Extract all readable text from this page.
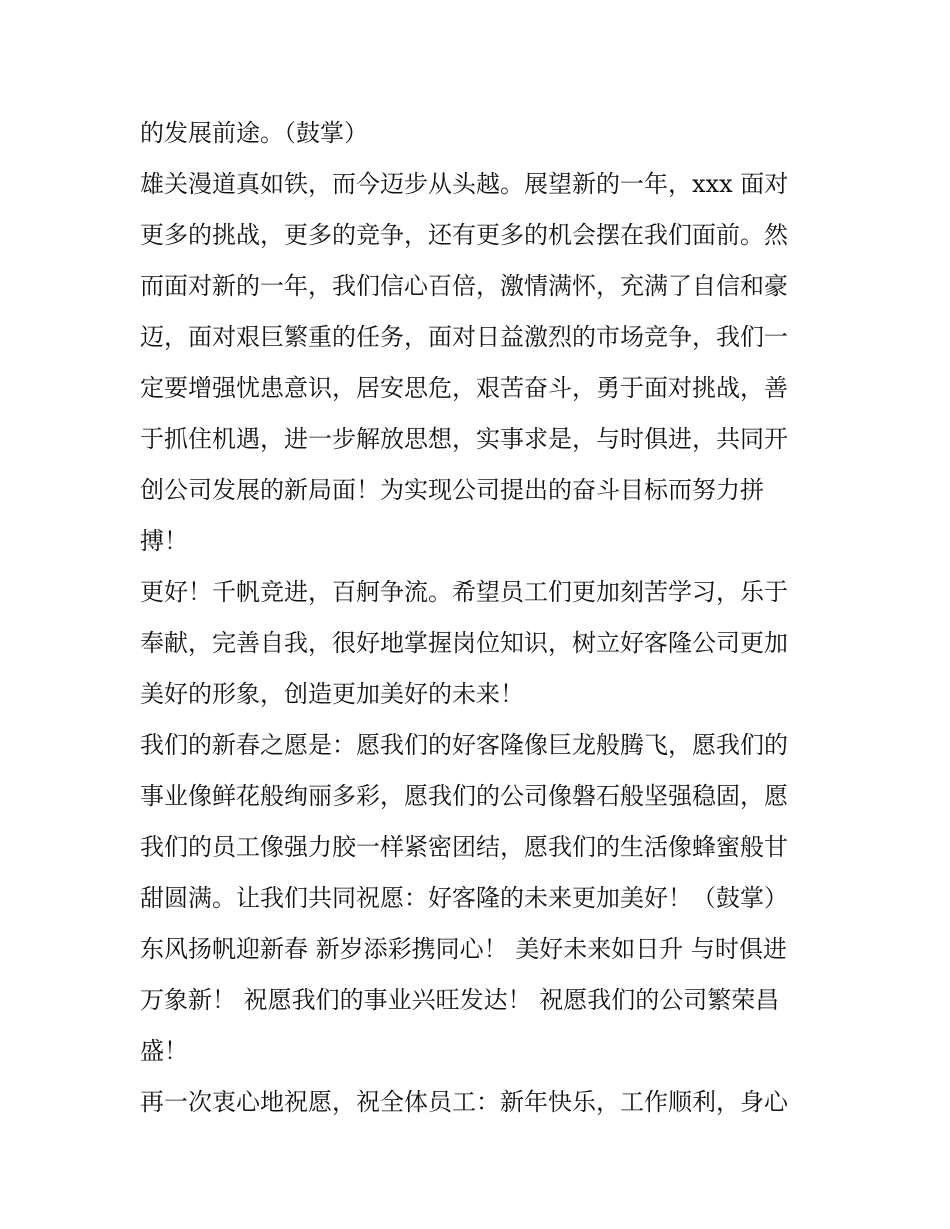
的发展前途。（鼓掌）
雄关漫道真如铁，而今迈步从头越。展望新的一年，xxx 面对
更多的挑战，更多的竞争，还有更多的机会摆在我们面前。然
而面对新的一年，我们信心百倍，激情满怀，充满了自信和豪
迈，面对艰巨繁重的任务，面对日益激烈的市场竞争，我们一
定要增强忧患意识，居安思危，艰苦奋斗，勇于面对挑战，善
于抓住机遇，进一步解放思想，实事求是，与时俱进，共同开
创公司发展的新局面！为实现公司提出的奋斗目标而努力拼
搏！
更好！千帆竞进，百舸争流。希望员工们更加刻苦学习，乐于
奉献，完善自我，很好地掌握岗位知识，树立好客隆公司更加
美好的形象，创造更加美好的未来！
我们的新春之愿是：愿我们的好客隆像巨龙般腾飞，愿我们的
事业像鲜花般绚丽多彩，愿我们的公司像磐石般坚强稳固，愿
我们的员工像强力胶一样紧密团结，愿我们的生活像蜂蜜般甘
甜圆满。让我们共同祝愿：好客隆的未来更加美好！（鼓掌）
东风扬帆迎新春 新岁添彩携同心！ 美好未来如日升 与时俱进
万象新！ 祝愿我们的事业兴旺发达！ 祝愿我们的公司繁荣昌
盛！
再一次衷心地祝愿，祝全体员工：新年快乐，工作顺利，身心
